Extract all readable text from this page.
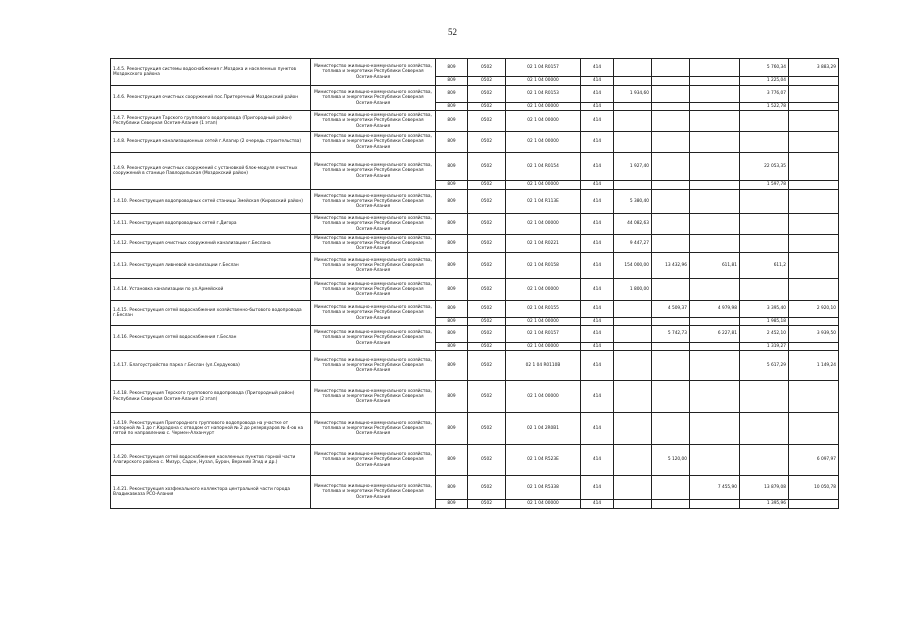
52
1.4.5. Реконструкция системы водоснабжения г.Моздока и населенных пунктов Моздокского района	Министерство жилищно-коммунального хозяйства, топлива и энергетики Республики Северная Осетия-Алания	809	0502	02 1 04 R0157	414				5 760,34	3 883,29	
		809	0502	02 1 04 00000	414				1 225,04		
1.4.6. Реконструкция очистных сооружений пос.Притеречный Моздокский район	Министерство жилищно-коммунального хозяйства, топлива и энергетики Республики Северная Осетия-Алания	809	0502	02 1 04 R0153	414	1 934,60			3 776,07		
		809	0502	02 1 04 00000	414				1 522,78		
1.4.7. Реконструкция Тарского группового водопровода (Пригородный район) Республики Северная Осетия-Алания (1 этап)	Министерство жилищно-коммунального хозяйства, топлива и энергетики Республики Северная Осетия-Алания	809	0502	02 1 04 00000	414						
1.4.8. Реконструкция канализационных сетей г.Алагир (2 очередь строительства)	Министерство жилищно-коммунального хозяйства, топлива и энергетики Республики Северная Осетия-Алания	809	0502	02 1 04 00000	414						
1.4.9. Реконструкция очистных сооружений с установкой блок-модуля очистных сооружений в станице Павлодольская (Моздокский район)	Министерство жилищно-коммунального хозяйства, топлива и энергетики Республики Северная Осетия-Алания	809	0502	02 1 04 R0154	414	1 927,40			22 053,35		
		809	0502	02 1 04 00000	414				1 597,78		
1.4.10. Реконструкция водопроводных сетей станицы Змейская (Кировский район)	Министерство жилищно-коммунального хозяйства, топлива и энергетики Республики Северная Осетия-Алания	809	0502	02 1 04 R113E	414	5 380,40					
1.4.11. Реконструкция водопроводных сетей г.Дигора	Министерство жилищно-коммунального хозяйства, топлива и энергетики Республики Северная Осетия-Алания	809	0502	02 1 04 00000	414	44 082,63					
1.4.12. Реконструкция очистных сооружений канализации г.Беслана	Министерство жилищно-коммунального хозяйства, топлива и энергетики Республики Северная Осетия-Алания	809	0502	02 1 04 R0221	414	9 447,27					
1.4.13. Реконструкция ливневой канализации г.Беслан	Министерство жилищно-коммунального хозяйства, топлива и энергетики Республики Северная Осетия-Алания	809	0502	02 1 04 R0158	414	154 000,00	13 432,96	611,81	611,2		
1.4.14. Установка канализации по ул.Армейской	Министерство жилищно-коммунального хозяйства, топлива и энергетики Республики Северная Осетия-Алания	809	0502	02 1 04 00000	414	1 800,00					
1.4.15. Реконструкция сетей водоснабжения хозяйственно-бытового водопровода г.Беслан	Министерство жилищно-коммунального хозяйства, топлива и энергетики Республики Северная Осетия-Алания	809	0502	02 1 04 R0155	414		4 509,37	4 979,98	3 395,40	2 920,10	
		809	0502	02 1 04 00000	414				1 985,18		
1.4.16. Реконструкция сетей водоснабжения г.Беслан	Министерство жилищно-коммунального хозяйства, топлива и энергетики Республики Северная Осетия-Алания	809	0502	02 1 04 R0157	414		5 742,73	6 227,81	2 452,10	3 939,50	
		809	0502	02 1 04 00000	414				1 319,27		
1.4.17. Благоустройство парка г.Беслан (ул.Сердукова)	Министерство жилищно-коммунального хозяйства, топлива и энергетики Республики Северная Осетия-Алания	809	0502	02 1 04 R0110B	414				5 617,29	1 149,24	
1.4.18. Реконструкция Терского группового водопровода (Пригородный район) Республики Северная Осетия-Алания (2 этап)	Министерство жилищно-коммунального хозяйства, топлива и энергетики Республики Северная Осетия-Алания	809	0502	02 1 04 00000	414						
1.4.19. Реконструкция Пригородного группового водопровода на участке от напорной № 1 до г.Карадона с отводом от напорной № 2 до резервуаров № 4-ов на пятой по направлению с. Чермен-Алханчурт	Министерство жилищно-коммунального хозяйства, топлива и энергетики Республики Северная Осетия-Алания	809	0502	02 1 04 2R0B1	414						
1.4.20. Реконструкция сетей водоснабжения населенных пунктов горной части Алагирского района с. Мизур, Садон, Нузал, Бурон, Верхний Згид и др.)	Министерство жилищно-коммунального хозяйства, топлива и энергетики Республики Северная Осетия-Алания	809	0502	02 1 04 R523E	414		5 120,00			6 097,97	
1.4.21. Реконструкция хозфекального коллектора центральной части города Владикавказа РСО-Алания	Министерство жилищно-коммунального хозяйства, топлива и энергетики Республики Северная Осетия-Алания	809	0502	02 1 04 R5338	414			7 455,90	13 879,08	10 050,78	
		809	0502	02 1 04 00000	414				1 395,96		
